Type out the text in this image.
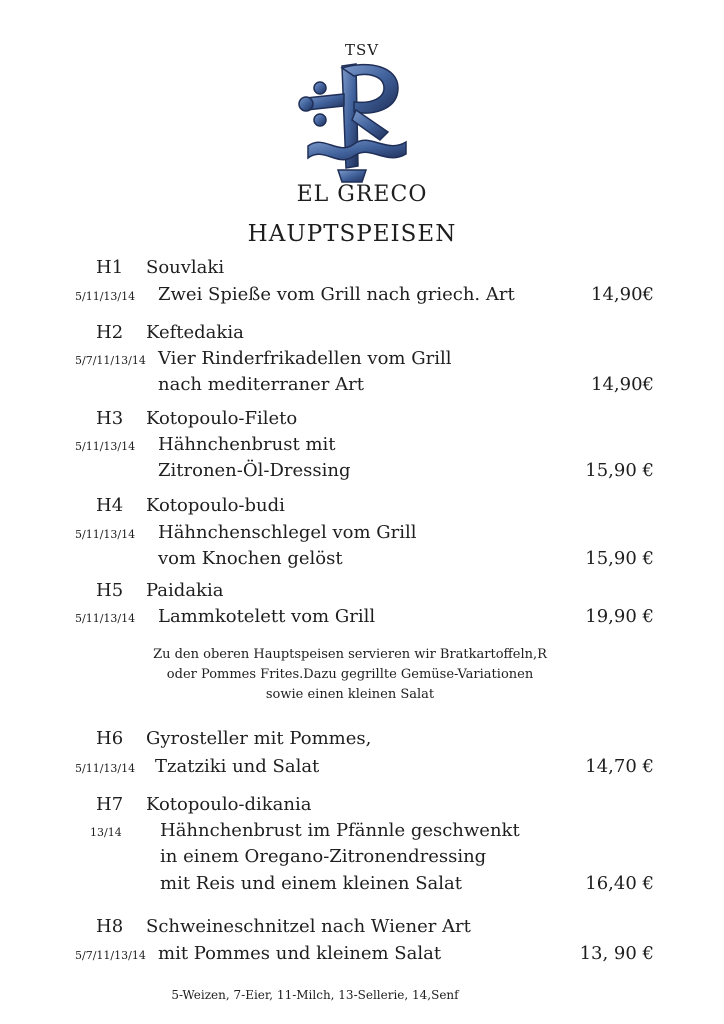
TSV
EL GRECO
HAUPTSPEISEN
H1 Souvlaki
5/11/13/14 Zwei Spieße vom Grill nach griech. Art	14,90€
H2 Keftedakia
5/7/11/13/14 Vier Rinderfrikadellen vom Grill
nach mediterraner Art	14,90€
H3 Kotopoulo-Fileto
5/11/13/14 Hähnchenbrust mit
Zitronen-Öl-Dressing	15,90 €
H4 Kotopoulo-budi
5/11/13/14 Hähnchenschlegel vom Grill
vom Knochen gelöst	15,90 €
H5 Paidakia
5/11/13/14 Lammkotelett vom Grill	19,90 €
Zu den oberen Hauptspeisen servieren wir Bratkartoffeln,R
oder Pommes Frites.Dazu gegrillte Gemüse-Variationen
sowie einen kleinen Salat
H6 Gyrosteller mit Pommes,
5/11/13/14 Tzatziki und Salat	14,70 €
H7 Kotopoulo-dikania
13/14 Hähnchenbrust im Pfännle geschwenkt
in einem Oregano-Zitronendressing
mit Reis und einem kleinen Salat	16,40 €
H8 Schweineschnitzel nach Wiener Art
5/7/11/13/14 mit Pommes und kleinem Salat	13, 90 €
5-Weizen, 7-Eier, 11-Milch, 13-Sellerie, 14,Senf
